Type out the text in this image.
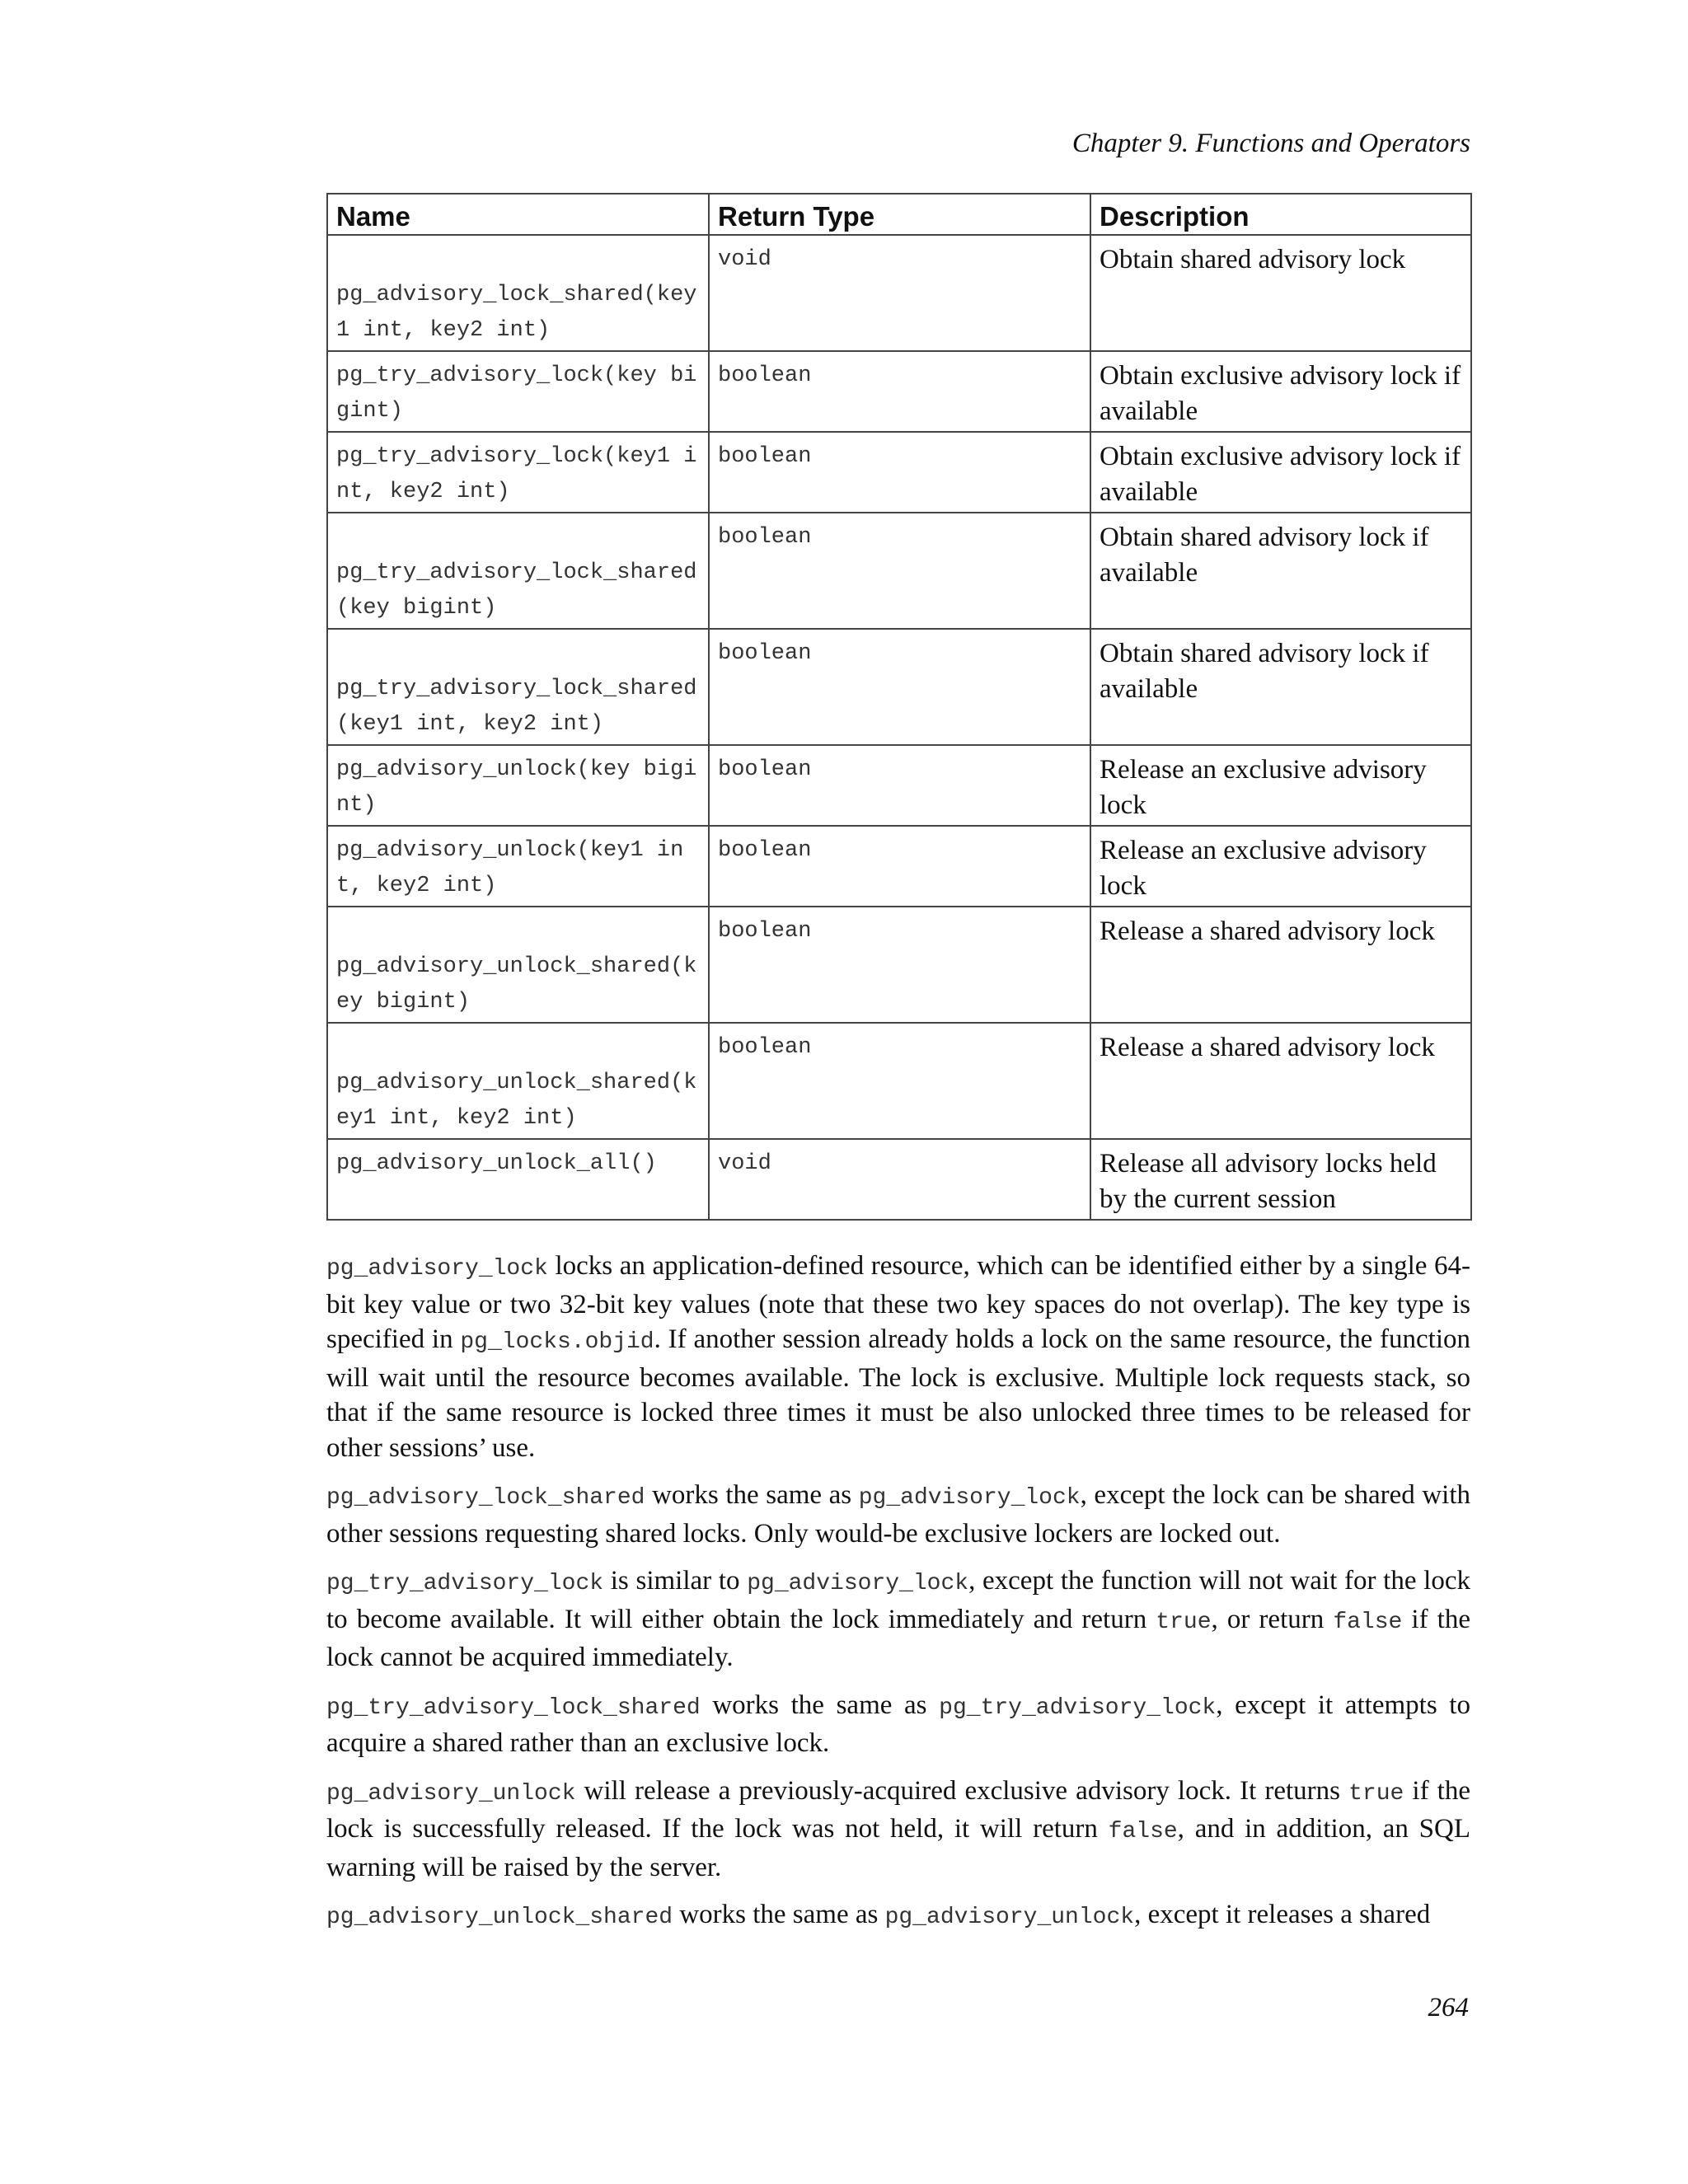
Chapter 9. Functions and Operators
Name	Return Type	Description

pg_advisory_lock_shared(key1 int, key2 int)	void	Obtain shared advisory lock

pg_try_advisory_lock(key bigint)	boolean	Obtain exclusive advisory lock if available

pg_try_advisory_lock(key1 int, key2 int)	boolean	Obtain exclusive advisory lock if available

pg_try_advisory_lock_shared(key bigint)	boolean	Obtain shared advisory lock if available

pg_try_advisory_lock_shared(key1 int, key2 int)	boolean	Obtain shared advisory lock if available

pg_advisory_unlock(key bigint)	boolean	Release an exclusive advisory lock

pg_advisory_unlock(key1 int, key2 int)	boolean	Release an exclusive advisory lock

pg_advisory_unlock_shared(key bigint)	boolean	Release a shared advisory lock

pg_advisory_unlock_shared(key1 int, key2 int)	boolean	Release a shared advisory lock

pg_advisory_unlock_all()	void	Release all advisory locks held by the current session

pg_advisory_lock locks an application-defined resource, which can be identified either by a single 64-bit key value or two 32-bit key values (note that these two key spaces do not overlap). The key type is specified in pg_locks.objid. If another session already holds a lock on the same resource, the function will wait until the resource becomes available. The lock is exclusive. Multiple lock requests stack, so that if the same resource is locked three times it must be also unlocked three times to be released for other sessions’ use.

pg_advisory_lock_shared works the same as pg_advisory_lock, except the lock can be shared with other sessions requesting shared locks. Only would-be exclusive lockers are locked out.

pg_try_advisory_lock is similar to pg_advisory_lock, except the function will not wait for the lock to become available. It will either obtain the lock immediately and return true, or return false if the lock cannot be acquired immediately.

pg_try_advisory_lock_shared works the same as pg_try_advisory_lock, except it attempts to acquire a shared rather than an exclusive lock.

pg_advisory_unlock will release a previously-acquired exclusive advisory lock. It returns true if the lock is successfully released. If the lock was not held, it will return false, and in addition, an SQL warning will be raised by the server.

pg_advisory_unlock_shared works the same as pg_advisory_unlock, except it releases a shared

264
